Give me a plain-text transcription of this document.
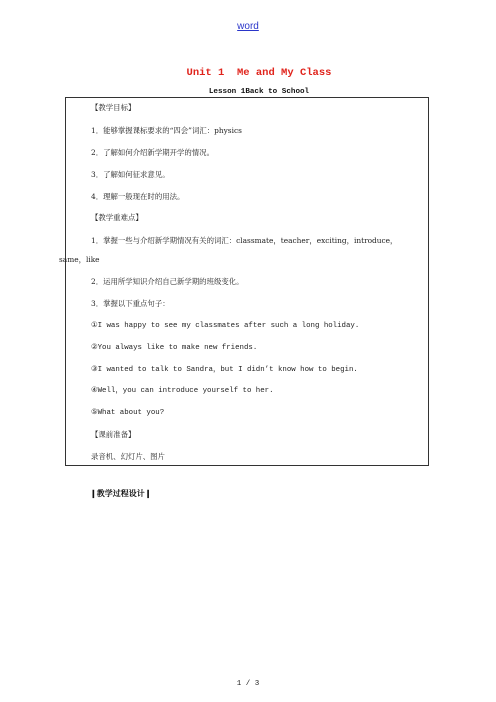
word
Unit 1  Me and My Class
Lesson 1Back to School
【教学目标】
1．能够掌握课标要求的“四会”词汇：physics
2．了解如何介绍新学期开学的情况。
3．了解如何征求意见。
4．理解一般现在时的用法。
【教学重难点】
1．掌握一些与介绍新学期情况有关的词汇：classmate，teacher，exciting，introduce，
same，like
2．运用所学知识介绍自己新学期的班级变化。
3．掌握以下重点句子：
①I was happy to see my classmates after such a long holiday.
②You always like to make new friends.
③I wanted to talk to Sandra，but I didn’t know how to begin.
④Well，you can introduce yourself to her.
⑤What about you?
【课前准备】
录音机、幻灯片、图片
❙教学过程设计❙
1 / 3
